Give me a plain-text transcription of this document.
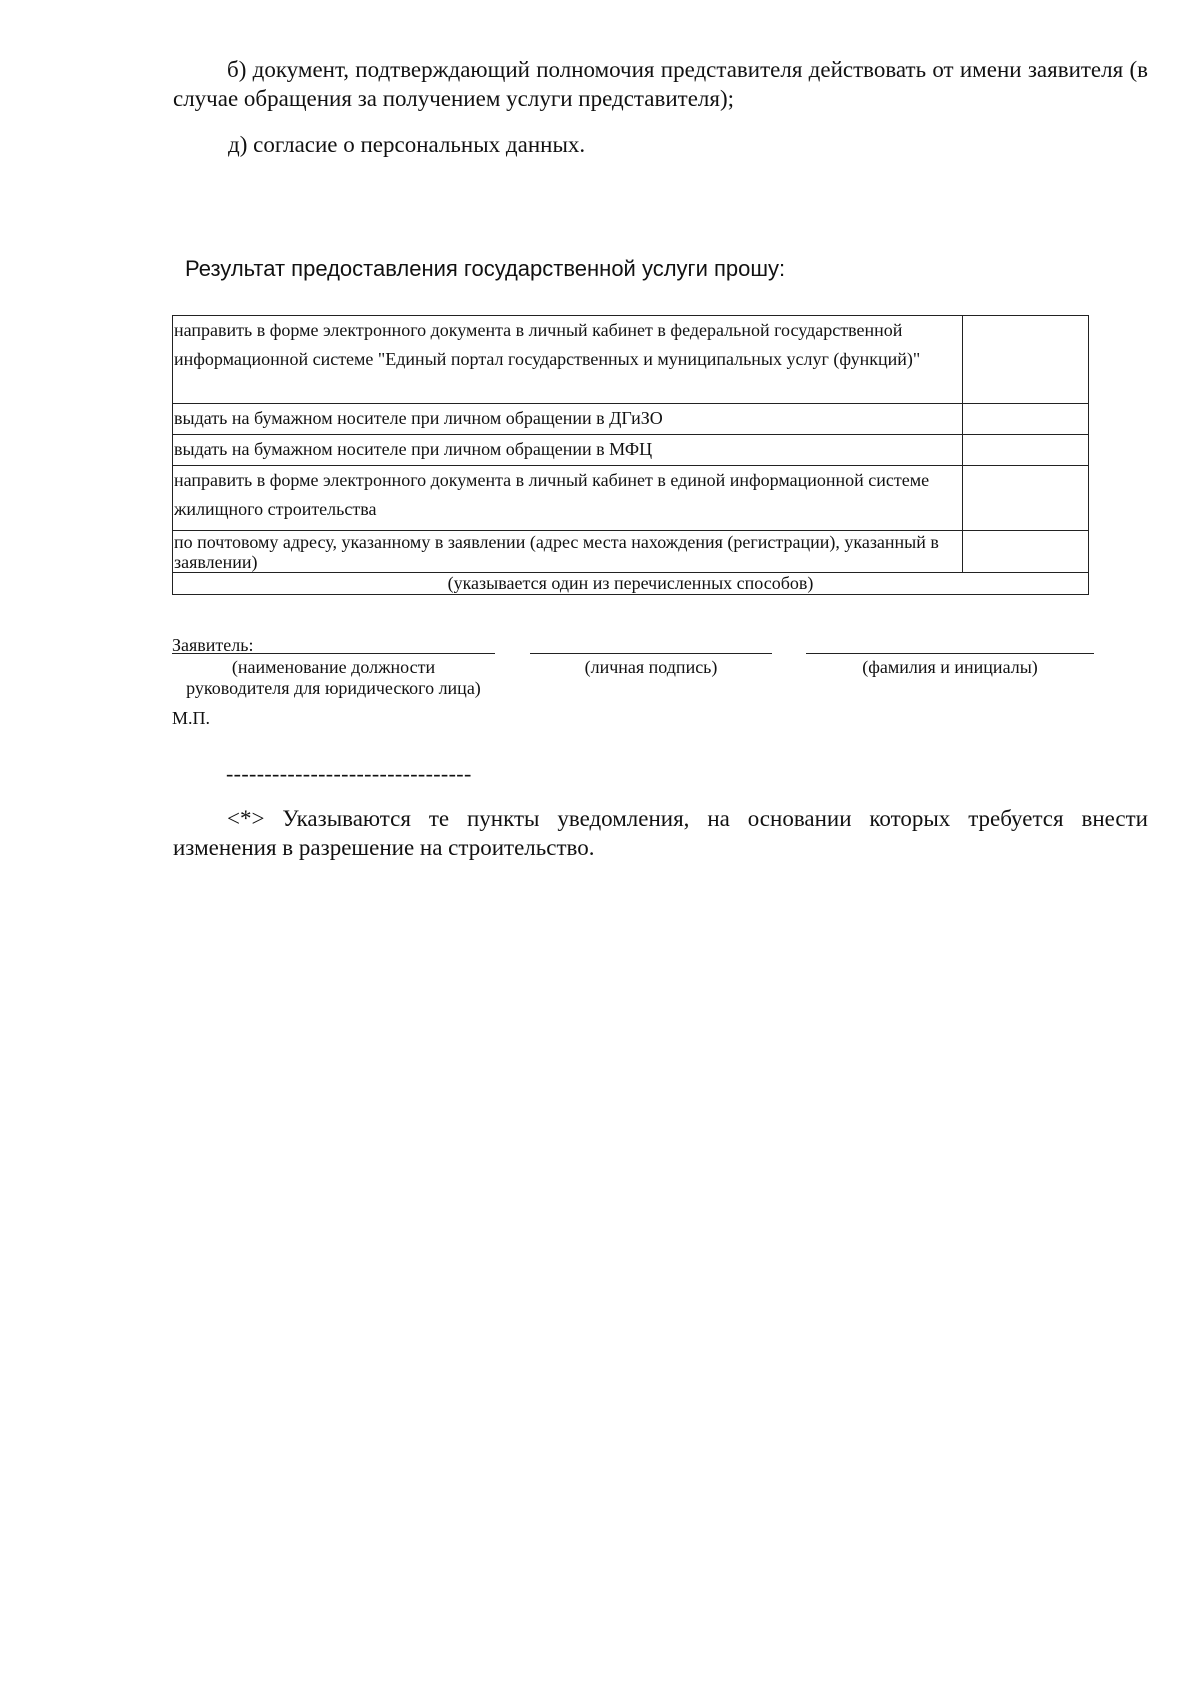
б) документ, подтверждающий полномочия представителя действовать от имени заявителя (в случае обращения за получением услуги представителя);

д) согласие о персональных данных.

Результат предоставления государственной услуги прошу:

направить в форме электронного документа в личный кабинет в федеральной государственной информационной системе "Единый портал государственных и муниципальных услуг (функций)"	
выдать на бумажном носителе при личном обращении в ДГиЗО	
выдать на бумажном носителе при личном обращении в МФЦ	
направить в форме электронного документа в личный кабинет в единой информационной системе жилищного строительства	
по почтовому адресу, указанному в заявлении (адрес места нахождения (регистрации), указанный в заявлении)	
(указывается один из перечисленных способов)	

Заявитель:

(наименование должности

руководителя для юридического лица)

(личная подпись)	(фамилия и инициалы)

М.П.

--------------------------------

<*> Указываются те пункты уведомления, на основании которых требуется внести изменения в разрешение на строительство.
